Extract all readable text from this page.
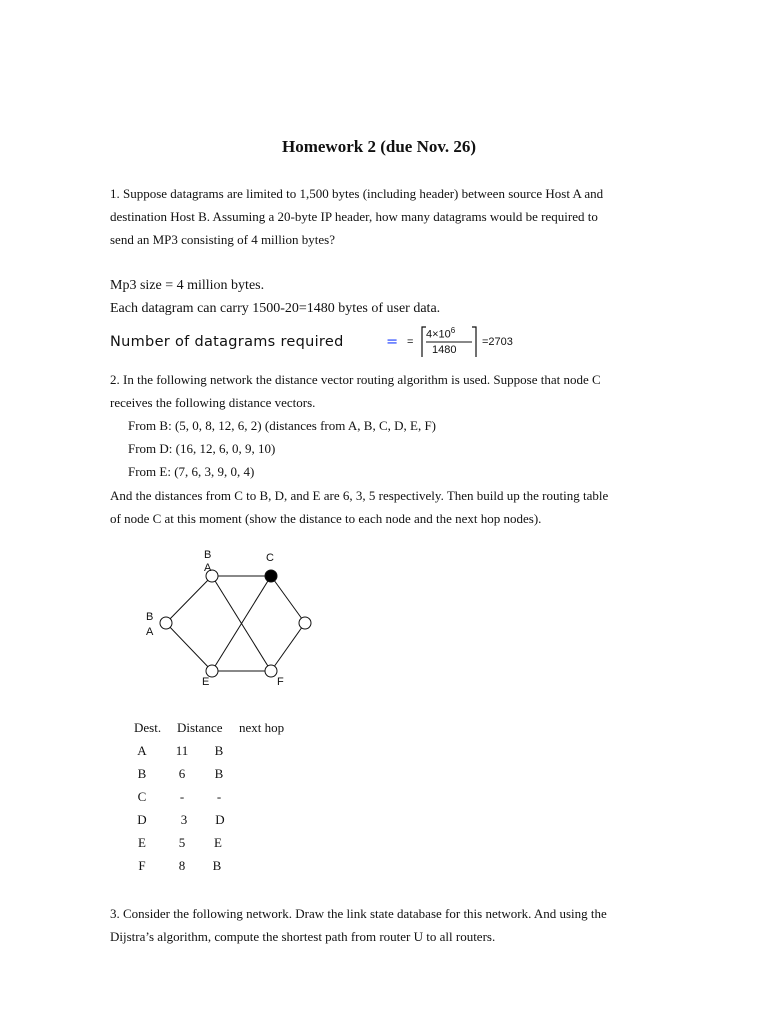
Homework 2 (due Nov. 26)
1. Suppose datagrams are limited to 1,500 bytes (including header) between source Host A and
destination Host B. Assuming a 20-byte IP header, how many datagrams would be required to
send an MP3 consisting of 4 million bytes?
Mp3 size = 4 million bytes.
Each datagram can carry 1500-20=1480 bytes of user data.
Number of datagrams required	= =
$4\times 10^6$
1480
=2703
2. In the following network the distance vector routing algorithm is used. Suppose that node C
receives the following distance vectors.
From B: (5, 0, 8, 12, 6, 2) (distances from A, B, C, D, E, F)
From D: (16, 12, 6, 0, 9, 10)
From E: (7, 6, 3, 9, 0, 4)
And the distances from C to B, D, and E are 6, 3, 5 respectively. Then build up the routing table
of node C at this moment (show the distance to each node and the next hop nodes).
B
A
C
B
A
E	F
Dest. Distance next hop
A	11	B
B	6	B
C	-	-
D	3	D
E	5	E
F	8	B
3. Consider the following network. Draw the link state database for this network. And using the
Dijstra’s algorithm, compute the shortest path from router U to all routers.
